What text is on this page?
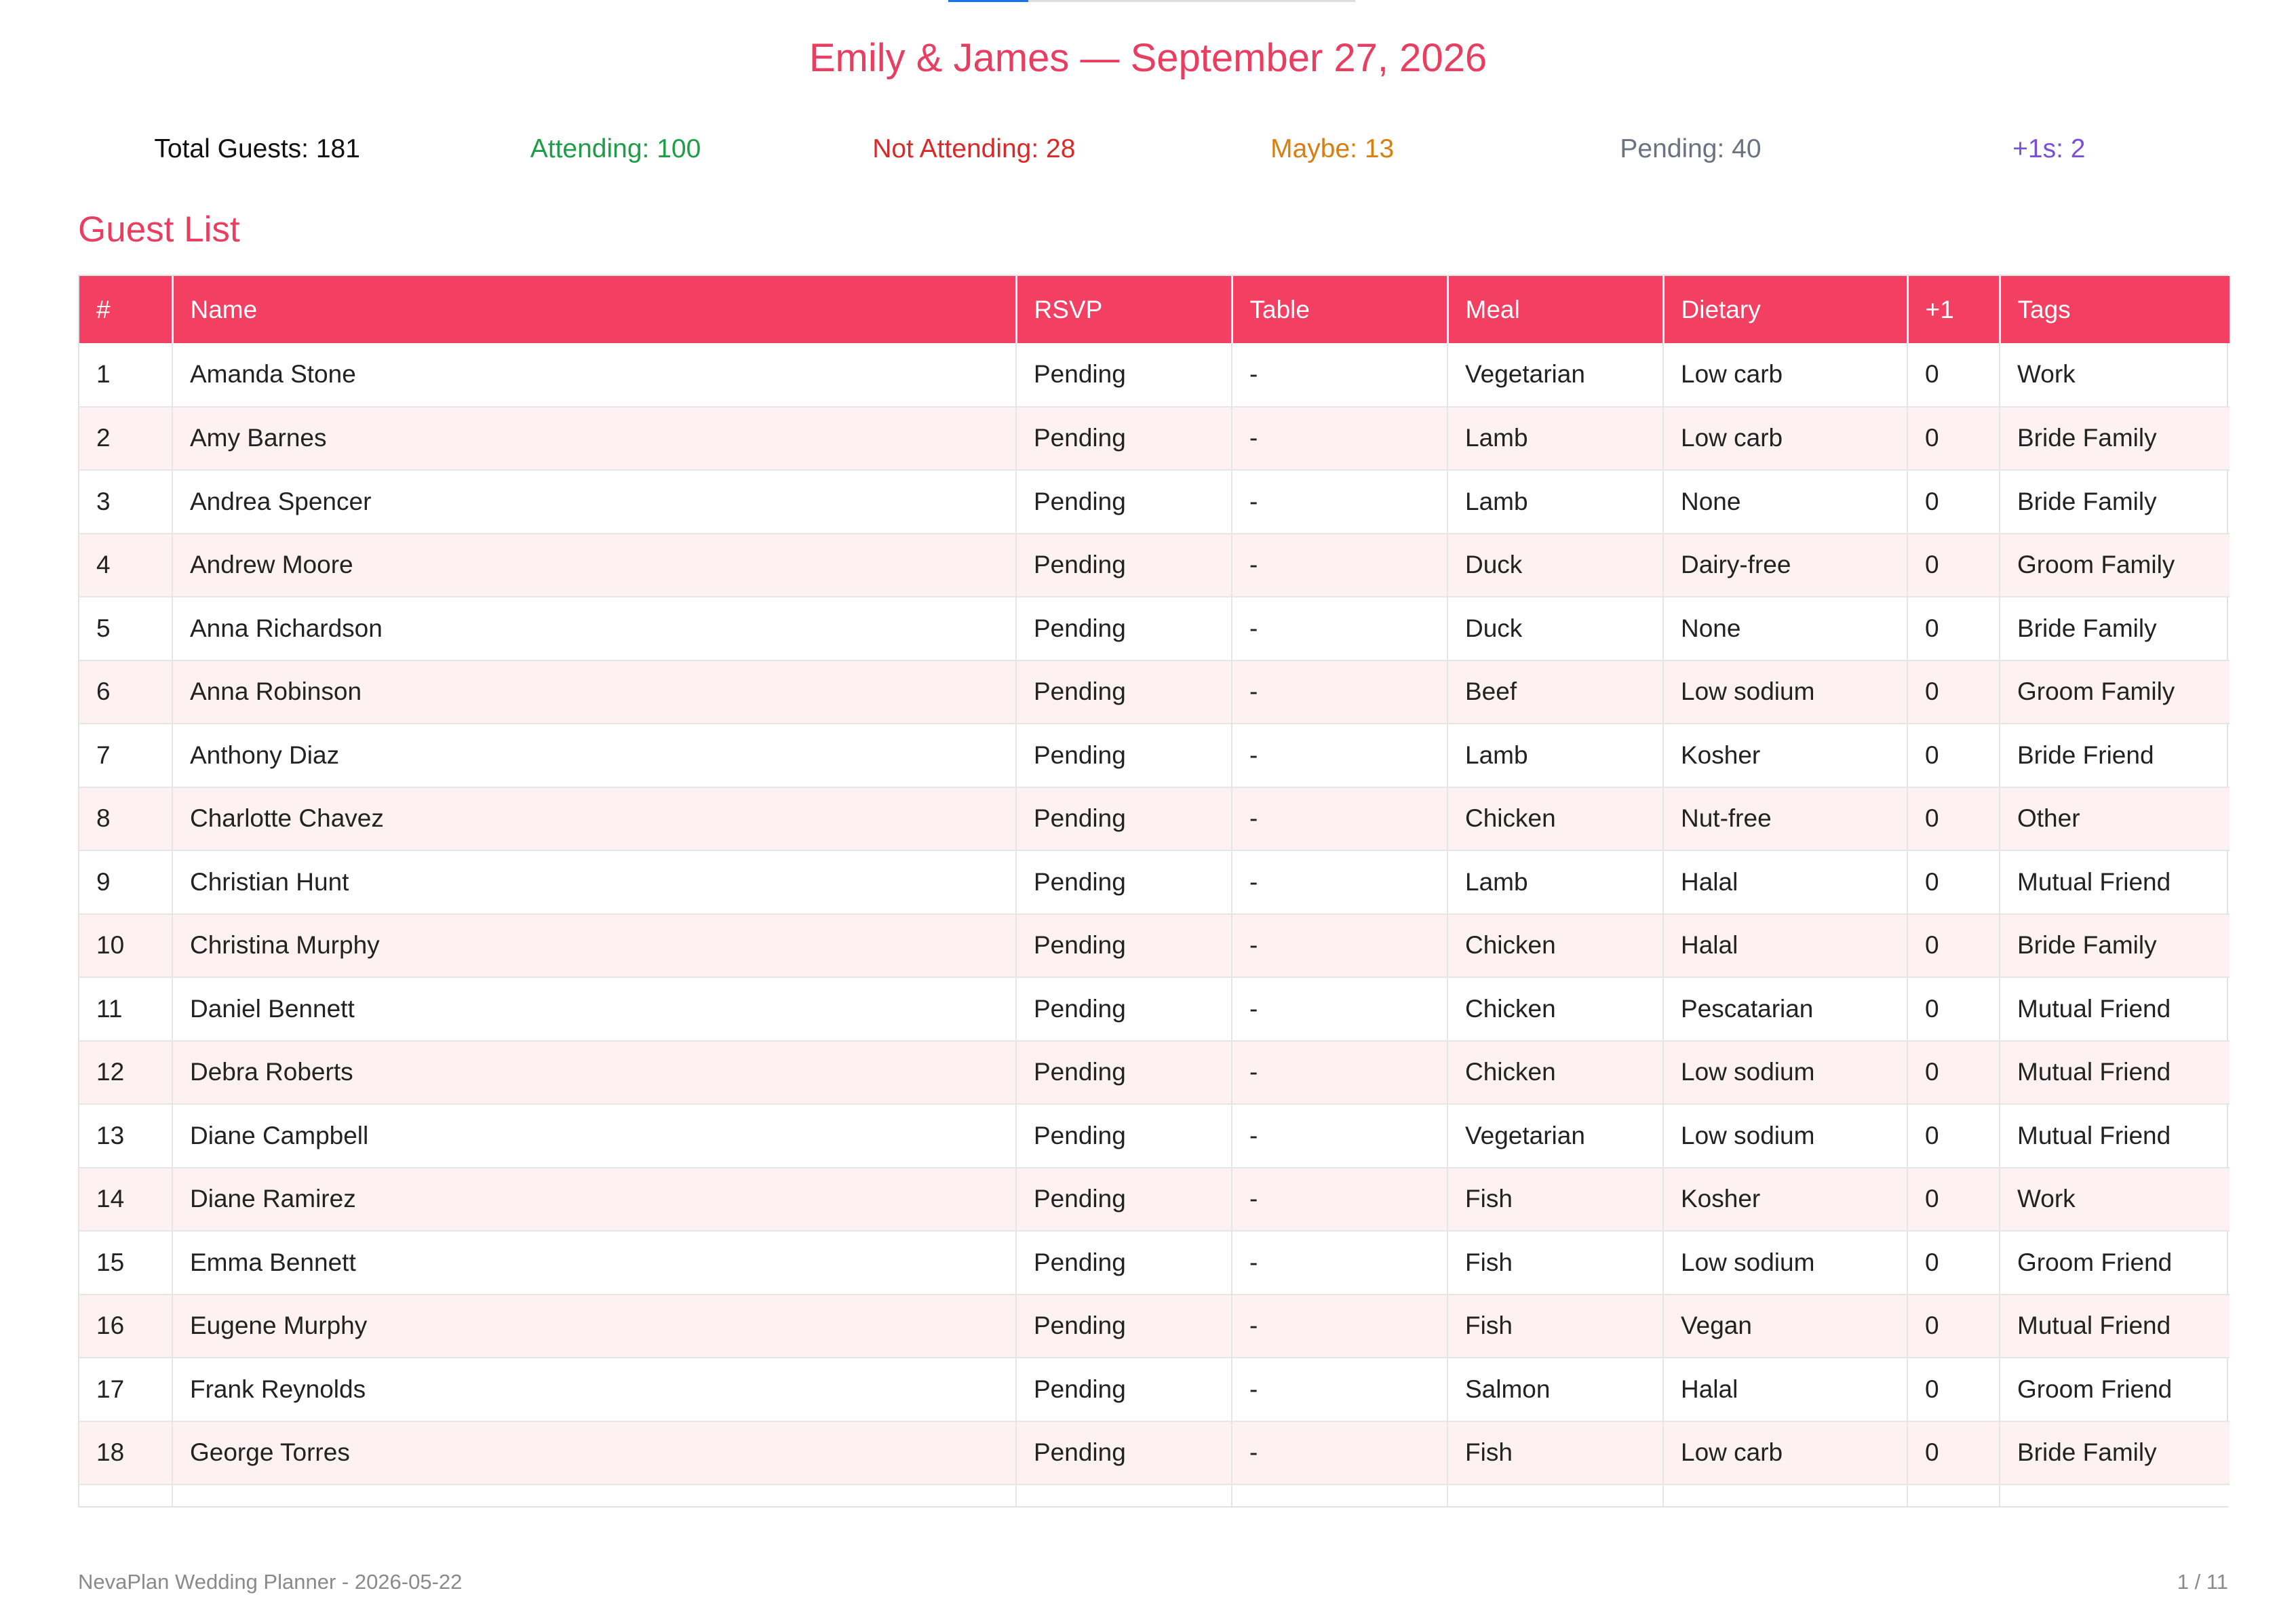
Emily & James — September 27, 2026
Total Guests: 181	Attending: 100	Not Attending: 28	Maybe: 13	Pending: 40	+1s: 2
Guest List
#	Name	RSVP	Table	Meal	Dietary	+1	Tags
1	Amanda Stone	Pending	-	Vegetarian	Low carb	0	Work
2	Amy Barnes	Pending	-	Lamb	Low carb	0	Bride Family
3	Andrea Spencer	Pending	-	Lamb	None	0	Bride Family
4	Andrew Moore	Pending	-	Duck	Dairy-free	0	Groom Family
5	Anna Richardson	Pending	-	Duck	None	0	Bride Family
6	Anna Robinson	Pending	-	Beef	Low sodium	0	Groom Family
7	Anthony Diaz	Pending	-	Lamb	Kosher	0	Bride Friend
8	Charlotte Chavez	Pending	-	Chicken	Nut-free	0	Other
9	Christian Hunt	Pending	-	Lamb	Halal	0	Mutual Friend
10	Christina Murphy	Pending	-	Chicken	Halal	0	Bride Family
11	Daniel Bennett	Pending	-	Chicken	Pescatarian	0	Mutual Friend
12	Debra Roberts	Pending	-	Chicken	Low sodium	0	Mutual Friend
13	Diane Campbell	Pending	-	Vegetarian	Low sodium	0	Mutual Friend
14	Diane Ramirez	Pending	-	Fish	Kosher	0	Work
15	Emma Bennett	Pending	-	Fish	Low sodium	0	Groom Friend
16	Eugene Murphy	Pending	-	Fish	Vegan	0	Mutual Friend
17	Frank Reynolds	Pending	-	Salmon	Halal	0	Groom Friend
18	George Torres	Pending	-	Fish	Low carb	0	Bride Family

NevaPlan Wedding Planner - 2026-05-22	1 / 11
